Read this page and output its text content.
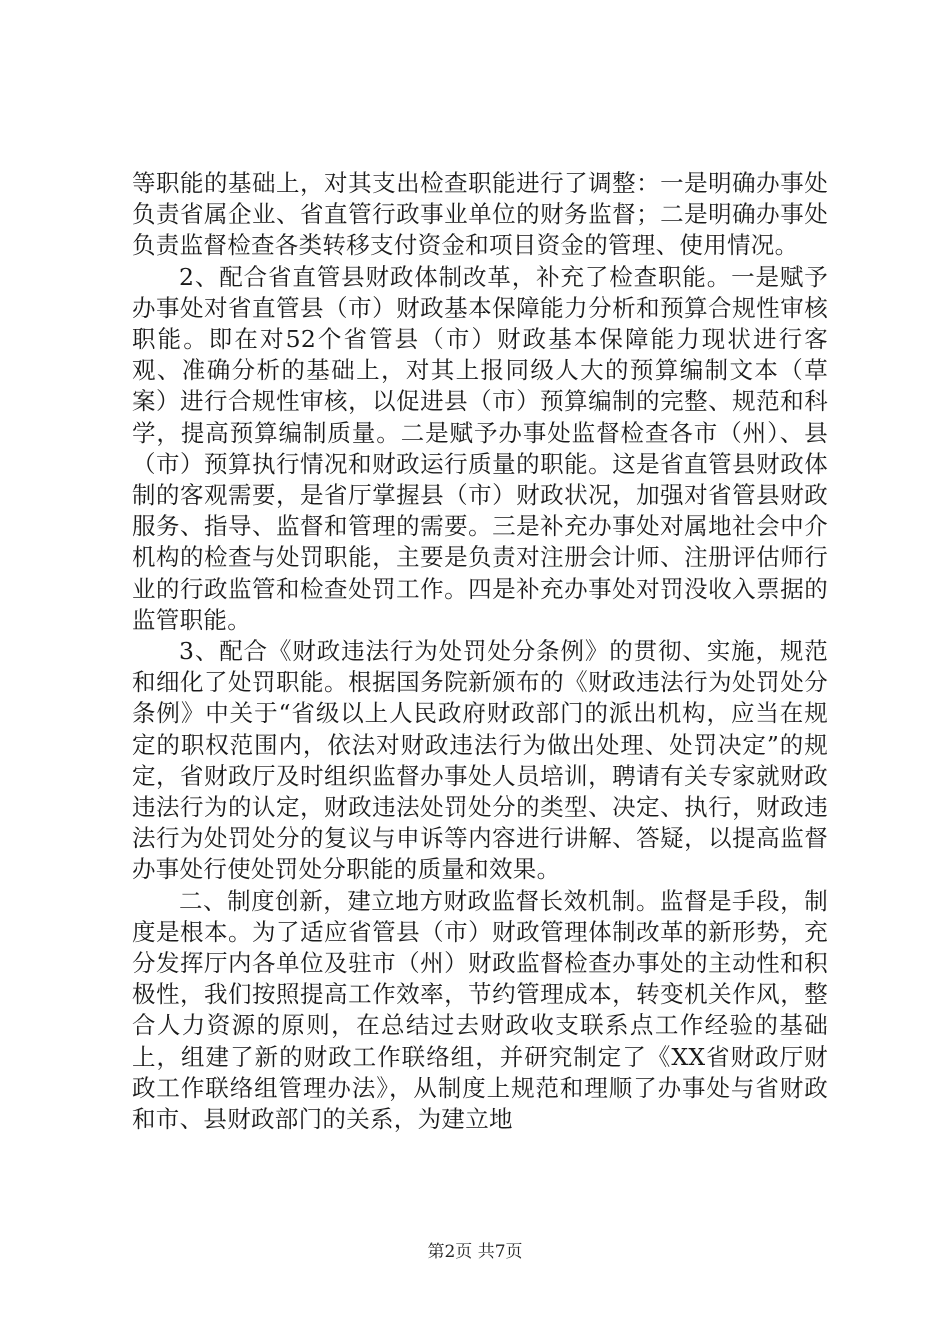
等职能的基础上，对其支出检查职能进行了调整：一是明确办事处负责省属企业、省直管行政事业单位的财务监督；二是明确办事处负责监督检查各类转移支付资金和项目资金的管理、使用情况。

2、配合省直管县财政体制改革，补充了检查职能。一是赋予办事处对省直管县（市）财政基本保障能力分析和预算合规性审核职能。即在对52个省管县（市）财政基本保障能力现状进行客观、准确分析的基础上，对其上报同级人大的预算编制文本（草案）进行合规性审核，以促进县（市）预算编制的完整、规范和科学，提高预算编制质量。二是赋予办事处监督检查各市（州）、县（市）预算执行情况和财政运行质量的职能。这是省直管县财政体制的客观需要，是省厅掌握县（市）财政状况，加强对省管县财政服务、指导、监督和管理的需要。三是补充办事处对属地社会中介机构的检查与处罚职能，主要是负责对注册会计师、注册评估师行业的行政监管和检查处罚工作。四是补充办事处对罚没收入票据的监管职能。

3、配合《财政违法行为处罚处分条例》的贯彻、实施，规范和细化了处罚职能。根据国务院新颁布的《财政违法行为处罚处分条例》中关于“省级以上人民政府财政部门的派出机构，应当在规定的职权范围内，依法对财政违法行为做出处理、处罚决定”的规定，省财政厅及时组织监督办事处人员培训，聘请有关专家就财政违法行为的认定，财政违法处罚处分的类型、决定、执行，财政违法行为处罚处分的复议与申诉等内容进行讲解、答疑，以提高监督办事处行使处罚处分职能的质量和效果。

二、制度创新，建立地方财政监督长效机制。监督是手段，制度是根本。为了适应省管县（市）财政管理体制改革的新形势，充分发挥厅内各单位及驻市（州）财政监督检查办事处的主动性和积极性，我们按照提高工作效率，节约管理成本，转变机关作风，整合人力资源的原则，在总结过去财政收支联系点工作经验的基础上，组建了新的财政工作联络组，并研究制定了《XX省财政厅财政工作联络组管理办法》，从制度上规范和理顺了办事处与省财政和市、县财政部门的关系，为建立地

第2页 共7页
